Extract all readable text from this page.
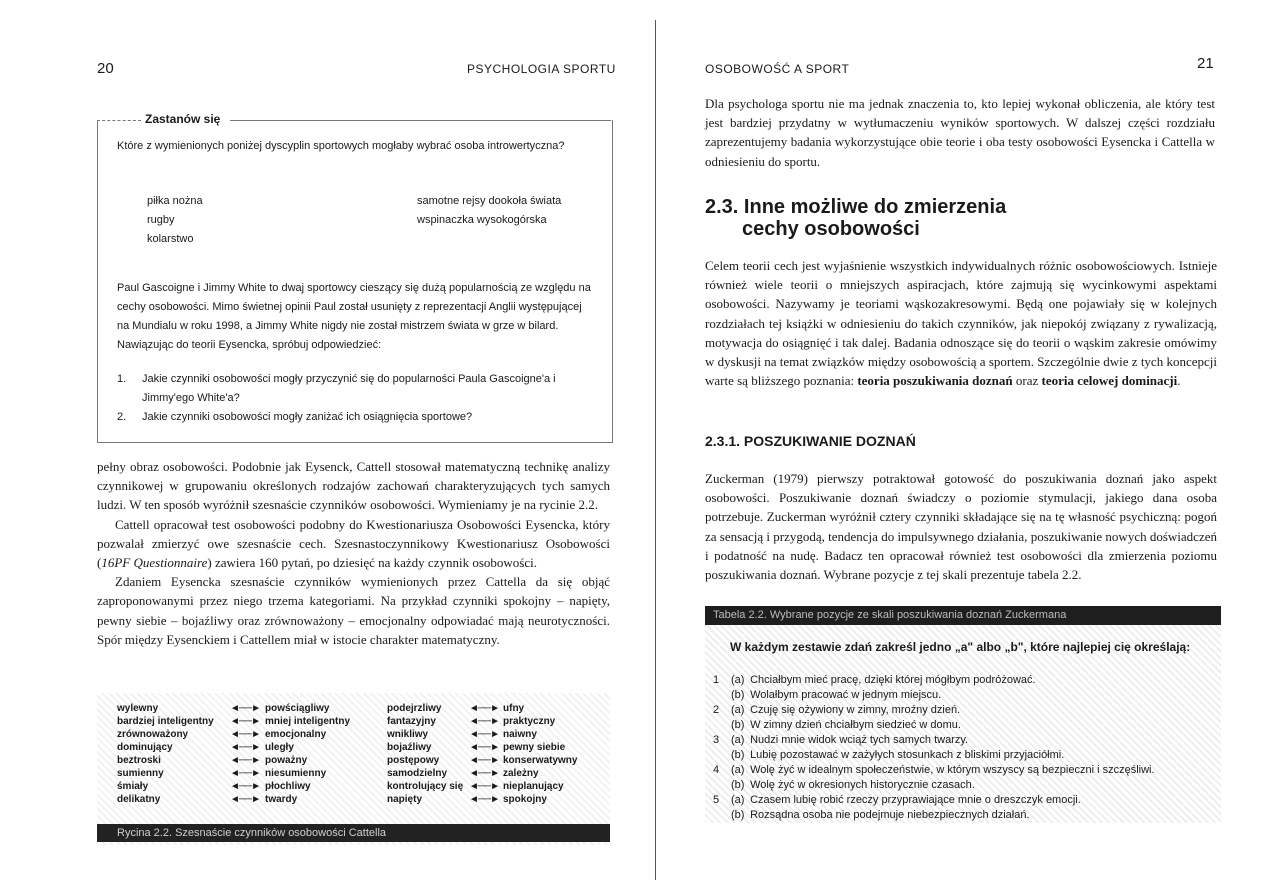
20	PSYCHOLOGIA SPORTU
Zastanów się
Które z wymienionych poniżej dyscyplin sportowych mogłaby wybrać osoba introwertyczna?
piłka nożna
rugby
kolarstwo
samotne rejsy dookoła świata
wspinaczka wysokogórska
Paul Gascoigne i Jimmy White to dwaj sportowcy cieszący się dużą popularnością ze względu na cechy osobowości. Mimo świetnej opinii Paul został usunięty z reprezentacji Anglii występującej na Mundialu w roku 1998, a Jimmy White nigdy nie został mistrzem świata w grze w bilard. Nawiązując do teorii Eysencka, spróbuj odpowiedzieć:
1.	Jakie czynniki osobowości mogły przyczynić się do popularności Paula Gascoigne'a i Jimmy'ego White'a?
2.	Jakie czynniki osobowości mogły zaniżać ich osiągnięcia sportowe?
pełny obraz osobowości. Podobnie jak Eysenck, Cattell stosował matematyczną technikę analizy czynnikowej w grupowaniu określonych rodzajów zachowań charakteryzujących tych samych ludzi. W ten sposób wyróżnił szesnaście czynników osobowości. Wymieniamy je na rycinie 2.2.
Cattell opracował test osobowości podobny do Kwestionariusza Osobowości Eysencka, który pozwalał zmierzyć owe szesnaście cech. Szesnastoczynnikowy Kwestionariusz Osobowości (16PF Questionnaire) zawiera 160 pytań, po dziesięć na każdy czynnik osobowości.
Zdaniem Eysencka szesnaście czynników wymienionych przez Cattella da się objąć zaproponowanymi przez niego trzema kategoriami. Na przykład czynniki spokojny – napięty, pewny siebie – bojaźliwy oraz zrównoważony – emocjonalny odpowiadać mają neurotyczności. Spór między Eysenckiem i Cattellem miał w istocie charakter matematyczny.
wylewny	◄──► powściągliwy	podejrzliwy	◄──► ufny
bardziej inteligentny ◄──► mniej inteligentny	fantazyjny	◄──► praktyczny
zrównoważony	◄──► emocjonalny	wnikliwy	◄──► naiwny
dominujący	◄──► uległy	bojaźliwy	◄──► pewny siebie
beztroski	◄──► poważny	postępowy	◄──► konserwatywny
sumienny	◄──► niesumienny	samodzielny ◄──► zależny
śmiały	◄──► płochliwy	kontrolujący się ◄──► nieplanujący
delikatny	◄──► twardy	napięty	◄──► spokojny
Rycina 2.2. Szesnaście czynników osobowości Cattella
OSOBOWOŚĆ A SPORT	21
Dla psychologa sportu nie ma jednak znaczenia to, kto lepiej wykonał obliczenia, ale który test jest bardziej przydatny w wytłumaczeniu wyników sportowych. W dalszej części rozdziału zaprezentujemy badania wykorzystujące obie teorie i oba testy osobowości Eysencka i Cattella w odniesieniu do sportu.
2.3. Inne możliwe do zmierzenia
cechy osobowości
Celem teorii cech jest wyjaśnienie wszystkich indywidualnych różnic osobowościowych. Istnieje również wiele teorii o mniejszych aspiracjach, które zajmują się wycinkowymi aspektami osobowości. Nazywamy je teoriami wąskozakresowymi. Będą one pojawiały się w kolejnych rozdziałach tej książki w odniesieniu do takich czynników, jak niepokój związany z rywalizacją, motywacja do osiągnięć i tak dalej. Badania odnoszące się do teorii o wąskim zakresie omówimy w dyskusji na temat związków między osobowością a sportem. Szczególnie dwie z tych koncepcji warte są bliższego poznania: teoria poszukiwania doznań oraz teoria celowej dominacji.
2.3.1. POSZUKIWANIE DOZNAŃ
Zuckerman (1979) pierwszy potraktował gotowość do poszukiwania doznań jako aspekt osobowości. Poszukiwanie doznań świadczy o poziomie stymulacji, jakiego dana osoba potrzebuje. Zuckerman wyróżnił cztery czynniki składające się na tę własność psychiczną: pogoń za sensacją i przygodą, tendencja do impulsywnego działania, poszukiwanie nowych doświadczeń i podatność na nudę. Badacz ten opracował również test osobowości dla zmierzenia poziomu poszukiwania doznań. Wybrane pozycje z tej skali prezentuje tabela 2.2.
Tabela 2.2. Wybrane pozycje ze skali poszukiwania doznań Zuckermana
W każdym zestawie zdań zakreśl jedno „a" albo „b", które najlepiej cię określają:
1	(a)
Chciałbym mieć pracę, dzięki której mógłbym podróżować.
(b)
Wolałbym pracować w jednym miejscu.
2	(a)
Czuję się ożywiony w zimny, mroźny dzień.
(b)
W zimny dzień chciałbym siedzieć w domu.
3	(a)
Nudzi mnie widok wciąż tych samych twarzy.
(b)
Lubię pozostawać w zażyłych stosunkach z bliskimi przyjaciółmi.
4	(a)
Wolę żyć w idealnym społeczeństwie, w którym wszyscy są bezpieczni i szczęśliwi.
(b)
Wolę żyć w okresionych historycznie czasach.
5	(a)
Czasem lubię robić rzeczy przyprawiające mnie o dreszczyk emocji.
(b)
Rozsądna osoba nie podejmuje niebezpiecznych działań.
